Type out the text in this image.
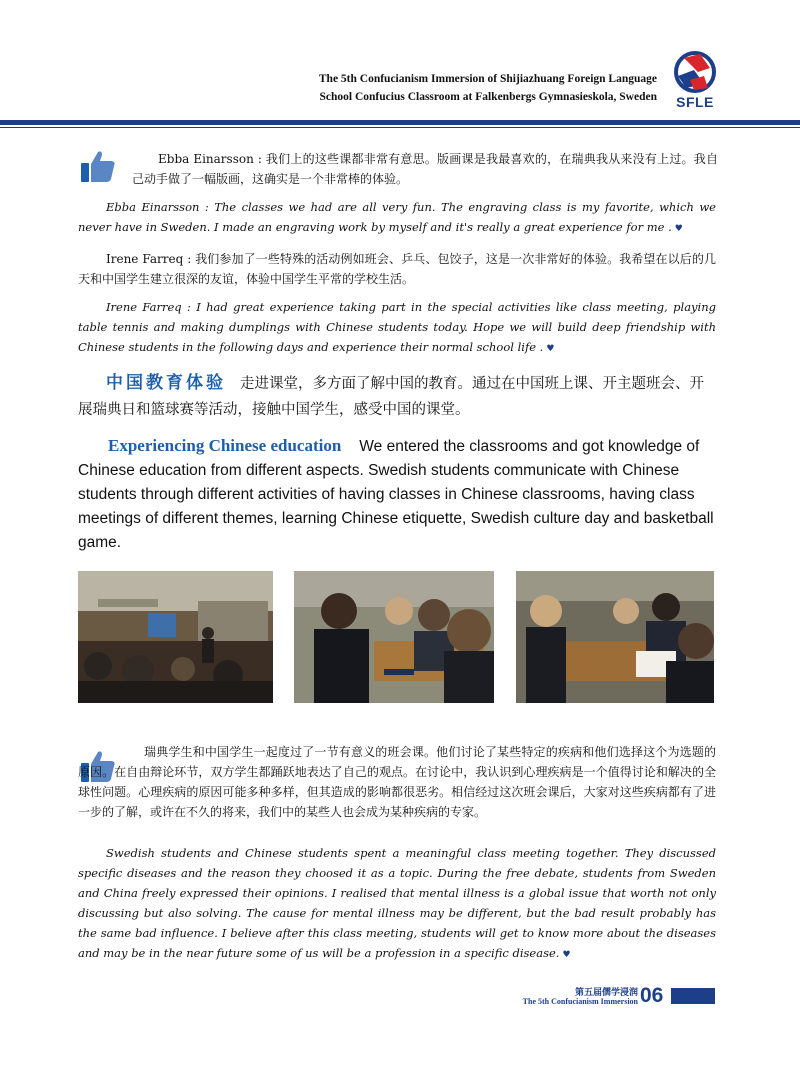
The 5th Confucianism Immersion of Shijiazhuang Foreign Language
School Confucius Classroom at Falkenbergs Gymnasieskola, Sweden	SFLE
Ebba Einarsson : 我们上的这些课都非常有意思。版画课是我最喜欢的，在瑞典我从来没有上过。我自己动手做了一幅版画，这确实是一个非常棒的体验。
Ebba Einarsson : The classes we had are all very fun. The engraving class is my favorite, which we never have in Sweden. I made an engraving work by myself and it's really a great experience for me . ♥
Irene Farreq : 我们参加了一些特殊的活动例如班会、乒乓、包饺子，这是一次非常好的体验。我希望在以后的几天和中国学生建立很深的友谊，体验中国学生平常的学校生活。
Irene Farreq : I had great experience taking part in the special activities like class meeting, playing table tennis and making dumplings with Chinese students today. Hope we will build deep friendship with Chinese students in the following days and experience their normal school life . ♥
中国教育体验 走进课堂，多方面了解中国的教育。通过在中国班上课、开主题班会、开展瑞典日和篮球赛等活动，接触中国学生，感受中国的课堂。
Experiencing Chinese education We entered the classrooms and got knowledge of Chinese education from different aspects. Swedish students communicate with Chinese students through different activities of having classes in Chinese classrooms, having class meetings of different themes, learning Chinese etiquette, Swedish culture day and basketball game.
瑞典学生和中国学生一起度过了一节有意义的班会课。他们讨论了某些特定的疾病和他们选择这个为选题的原因。在自由辩论环节，双方学生都踊跃地表达了自己的观点。在讨论中，我认识到心理疾病是一个值得讨论和解决的全球性问题。心理疾病的原因可能多种多样，但其造成的影响都很恶劣。相信经过这次班会课后，大家对这些疾病都有了进一步的了解，或许在不久的将来，我们中的某些人也会成为某种疾病的专家。
Swedish students and Chinese students spent a meaningful class meeting together. They discussed specific diseases and the reason they choosed it as a topic. During the free debate, students from Sweden and China freely expressed their opinions. I realised that mental illness is a global issue that worth not only discussing but also solving. The cause for mental illness may be different, but the bad result probably has the same bad influence. I believe after this class meeting, students will get to know more about the diseases and may be in the near future some of us will be a profession in a specific disease. ♥
第五届儒学浸润
The 5th Confucianism Immersion 06
